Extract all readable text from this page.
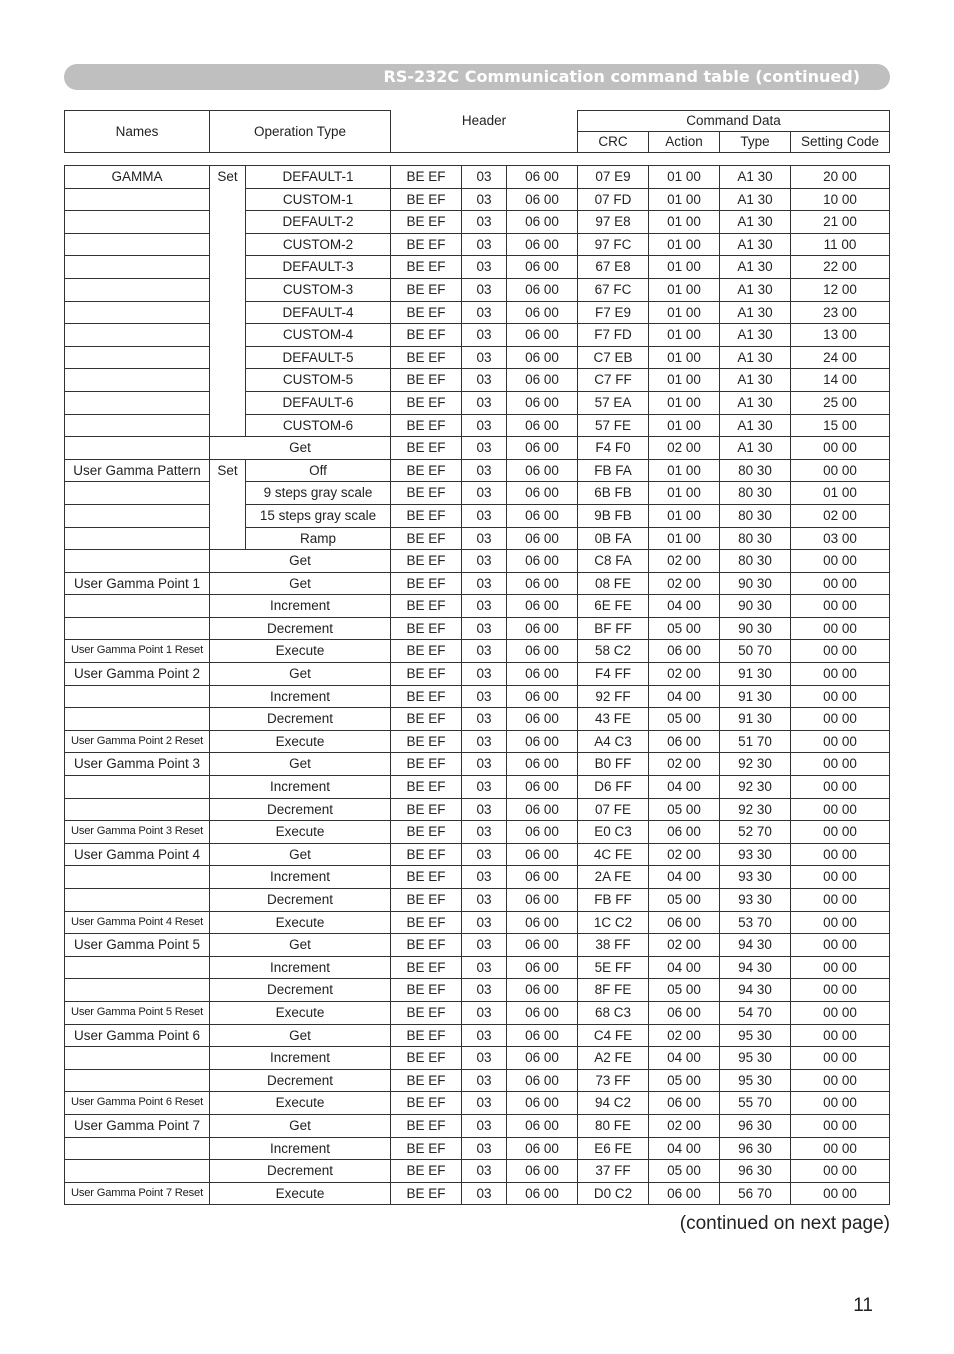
RS-232C Communication command table (continued)
Names	Operation Type	Header	Command Data			
			CRC	Action	Type	Setting Code
GAMMA	Set	DEFAULT-1	BE EF	03	06 00	07 E9	01 00	A1 30	20 00
		CUSTOM-1	BE EF	03	06 00	07 FD	01 00	A1 30	10 00
		DEFAULT-2	BE EF	03	06 00	97 E8	01 00	A1 30	21 00
		CUSTOM-2	BE EF	03	06 00	97 FC	01 00	A1 30	11 00
		DEFAULT-3	BE EF	03	06 00	67 E8	01 00	A1 30	22 00
		CUSTOM-3	BE EF	03	06 00	67 FC	01 00	A1 30	12 00
		DEFAULT-4	BE EF	03	06 00	F7 E9	01 00	A1 30	23 00
		CUSTOM-4	BE EF	03	06 00	F7 FD	01 00	A1 30	13 00
		DEFAULT-5	BE EF	03	06 00	C7 EB	01 00	A1 30	24 00
		CUSTOM-5	BE EF	03	06 00	C7 FF	01 00	A1 30	14 00
		DEFAULT-6	BE EF	03	06 00	57 EA	01 00	A1 30	25 00
		CUSTOM-6	BE EF	03	06 00	57 FE	01 00	A1 30	15 00
	Get		BE EF	03	06 00	F4 F0	02 00	A1 30	00 00
User Gamma Pattern	Set	Off	BE EF	03	06 00	FB FA	01 00	80 30	00 00
		9 steps gray scale	BE EF	03	06 00	6B FB	01 00	80 30	01 00
		15 steps gray scale	BE EF	03	06 00	9B FB	01 00	80 30	02 00
		Ramp	BE EF	03	06 00	0B FA	01 00	80 30	03 00
	Get		BE EF	03	06 00	C8 FA	02 00	80 30	00 00
User Gamma Point 1	Get		BE EF	03	06 00	08 FE	02 00	90 30	00 00
	Increment		BE EF	03	06 00	6E FE	04 00	90 30	00 00
	Decrement		BE EF	03	06 00	BF FF	05 00	90 30	00 00
User Gamma Point 1 Reset	Execute		BE EF	03	06 00	58 C2	06 00	50 70	00 00
User Gamma Point 2	Get		BE EF	03	06 00	F4 FF	02 00	91 30	00 00
	Increment		BE EF	03	06 00	92 FF	04 00	91 30	00 00
	Decrement		BE EF	03	06 00	43 FE	05 00	91 30	00 00
User Gamma Point 2 Reset	Execute		BE EF	03	06 00	A4 C3	06 00	51 70	00 00
User Gamma Point 3	Get		BE EF	03	06 00	B0 FF	02 00	92 30	00 00
	Increment		BE EF	03	06 00	D6 FF	04 00	92 30	00 00
	Decrement		BE EF	03	06 00	07 FE	05 00	92 30	00 00
User Gamma Point 3 Reset	Execute		BE EF	03	06 00	E0 C3	06 00	52 70	00 00
User Gamma Point 4	Get		BE EF	03	06 00	4C FE	02 00	93 30	00 00
	Increment		BE EF	03	06 00	2A FE	04 00	93 30	00 00
	Decrement		BE EF	03	06 00	FB FF	05 00	93 30	00 00
User Gamma Point 4 Reset	Execute		BE EF	03	06 00	1C C2	06 00	53 70	00 00
User Gamma Point 5	Get		BE EF	03	06 00	38 FF	02 00	94 30	00 00
	Increment		BE EF	03	06 00	5E FF	04 00	94 30	00 00
	Decrement		BE EF	03	06 00	8F FE	05 00	94 30	00 00
User Gamma Point 5 Reset	Execute		BE EF	03	06 00	68 C3	06 00	54 70	00 00
User Gamma Point 6	Get		BE EF	03	06 00	C4 FE	02 00	95 30	00 00
	Increment		BE EF	03	06 00	A2 FE	04 00	95 30	00 00
	Decrement		BE EF	03	06 00	73 FF	05 00	95 30	00 00
User Gamma Point 6 Reset	Execute		BE EF	03	06 00	94 C2	06 00	55 70	00 00
User Gamma Point 7	Get		BE EF	03	06 00	80 FE	02 00	96 30	00 00
	Increment		BE EF	03	06 00	E6 FE	04 00	96 30	00 00
	Decrement		BE EF	03	06 00	37 FF	05 00	96 30	00 00
User Gamma Point 7 Reset	Execute		BE EF	03	06 00	D0 C2	06 00	56 70	00 00

(continued on next page)

11
